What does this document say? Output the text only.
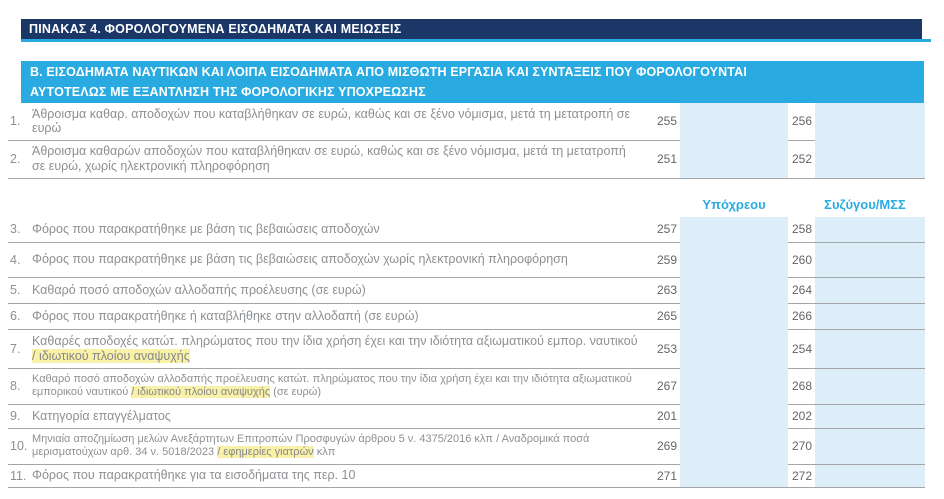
ΠΙΝΑΚΑΣ 4. ΦΟΡΟΛΟΓΟΥΜΕΝΑ ΕΙΣΟΔΗΜΑΤΑ ΚΑΙ ΜΕΙΩΣΕΙΣ
Β. ΕΙΣΟΔΗΜΑΤΑ ΝΑΥΤΙΚΩΝ ΚΑΙ ΛΟΙΠΑ ΕΙΣΟΔΗΜΑΤΑ ΑΠΟ ΜΙΣΘΩΤΗ ΕΡΓΑΣΙΑ ΚΑΙ ΣΥΝΤΑΞΕΙΣ ΠΟΥ ΦΟΡΟΛΟΓΟΥΝΤΑΙ
ΑΥΤΟΤΕΛΩΣ ΜΕ ΕΞΑΝΤΛΗΣΗ ΤΗΣ ΦΟΡΟΛΟΓΙΚΗΣ ΥΠΟΧΡΕΩΣΗΣ
1.	Άθροισμα καθαρ. αποδοχών που καταβλήθηκαν σε ευρώ, καθώς και σε ξένο νόμισμα, μετά τη μετατροπή σε ευρώ	255		256	
2.	Άθροισμα καθαρών αποδοχών που καταβλήθηκαν σε ευρώ, καθώς και σε ξένο νόμισμα, μετά τη μετατροπή σε ευρώ, χωρίς ηλεκτρονική πληροφόρηση	251		252	
Υπόχρεου	Συζύγου/ΜΣΣ
3.	Φόρος που παρακρατήθηκε με βάση τις βεβαιώσεις αποδοχών	257		258	
4.	Φόρος που παρακρατήθηκε με βάση τις βεβαιώσεις αποδοχών χωρίς ηλεκτρονική πληροφόρηση	259		260	
5.	Καθαρό ποσό αποδοχών αλλοδαπής προέλευσης (σε ευρώ)	263		264	
6.	Φόρος που παρακρατήθηκε ή καταβλήθηκε στην αλλοδαπή (σε ευρώ)	265		266	
7.	Καθαρές αποδοχές κατώτ. πληρώματος που την ίδια χρήση έχει και την ιδιότητα αξιωματικού εμπορ. ναυτικού / ιδιωτικού πλοίου αναψυχής	253		254	
8.	Καθαρό ποσό αποδοχών αλλοδαπής προέλευσης κατώτ. πληρώματος που την ίδια χρήση έχει και την ιδιότητα αξιωματικού εμπορικού ναυτικού / ιδιωτικού πλοίου αναψυχής (σε ευρώ)	267		268	
9.	Κατηγορία επαγγέλματος	201		202	
10.	Μηνιαία αποζημίωση μελών Ανεξάρτητων Επιτροπών Προσφυγών άρθρου 5 ν. 4375/2016 κλπ / Αναδρομικά ποσά μερισματούχων αρθ. 34 ν. 5018/2023 / εφημερίες γιατρών κλπ	269		270	
11.	Φόρος που παρακρατήθηκε για τα εισοδήματα της περ. 10	271		272	
